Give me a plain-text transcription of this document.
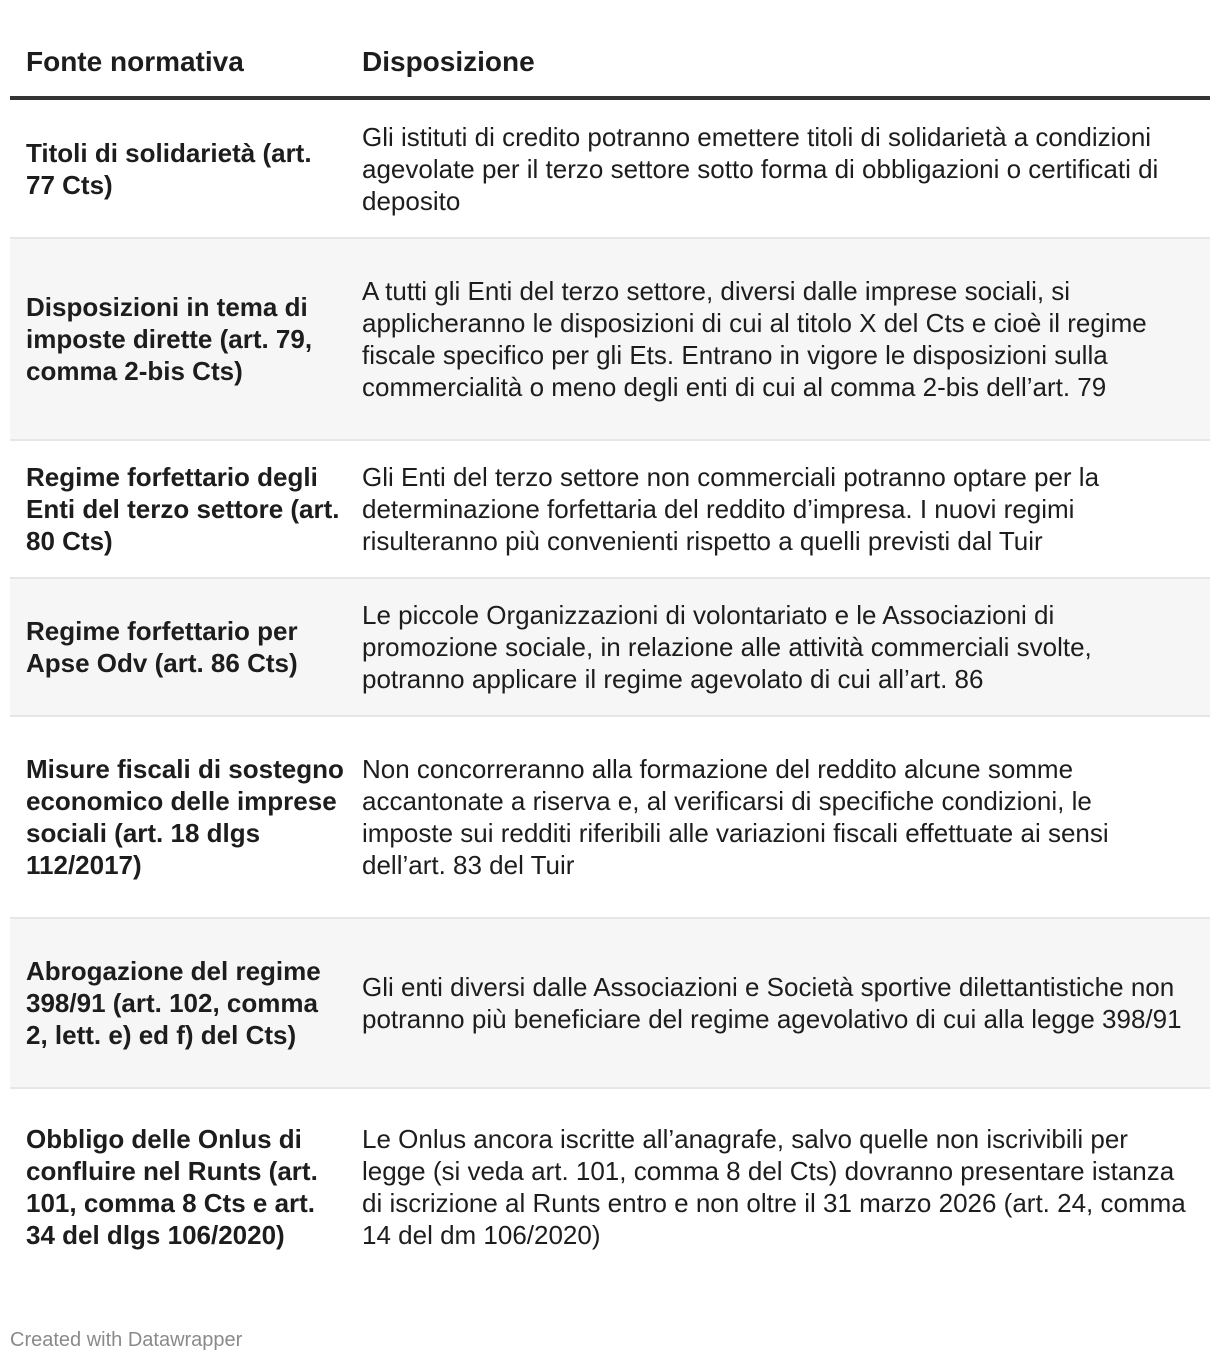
Fonte normativa	Disposizione
Titoli di solidarietà (art. 77 Cts)
Gli istituti di credito potranno emettere titoli di solidarietà a condizioni agevolate per il terzo settore sotto forma di obbligazioni o certificati di deposito
Disposizioni in tema di imposte dirette (art. 79, comma 2-bis Cts)
A tutti gli Enti del terzo settore, diversi dalle imprese sociali, si applicheranno le disposizioni di cui al titolo X del Cts e cioè il regime fiscale specifico per gli Ets. Entrano in vigore le disposizioni sulla commercialità o meno degli enti di cui al comma 2-bis dell’art. 79
Regime forfettario degli Enti del terzo settore (art. 80 Cts)
Gli Enti del terzo settore non commerciali potranno optare per la determinazione forfettaria del reddito d’impresa. I nuovi regimi risulteranno più convenienti rispetto a quelli previsti dal Tuir
Regime forfettario per Apse Odv (art. 86 Cts)
Le piccole Organizzazioni di volontariato e le Associazioni di promozione sociale, in relazione alle attività commerciali svolte, potranno applicare il regime agevolato di cui all’art. 86
Misure fiscali di sostegno economico delle imprese sociali (art. 18 dlgs 112/2017)
Non concorreranno alla formazione del reddito alcune somme accantonate a riserva e, al verificarsi di specifiche condizioni, le imposte sui redditi riferibili alle variazioni fiscali effettuate ai sensi dell’art. 83 del Tuir
Abrogazione del regime 398/91 (art. 102, comma 2, lett. e) ed f) del Cts)
Gli enti diversi dalle Associazioni e Società sportive dilettantistiche non potranno più beneficiare del regime agevolativo di cui alla legge 398/91
Obbligo delle Onlus di confluire nel Runts (art. 101, comma 8 Cts e art. 34 del dlgs 106/2020)
Le Onlus ancora iscritte all’anagrafe, salvo quelle non iscrivibili per legge (si veda art. 101, comma 8 del Cts) dovranno presentare istanza di iscrizione al Runts entro e non oltre il 31 marzo 2026 (art. 24, comma 14 del dm 106/2020)
Created with Datawrapper
